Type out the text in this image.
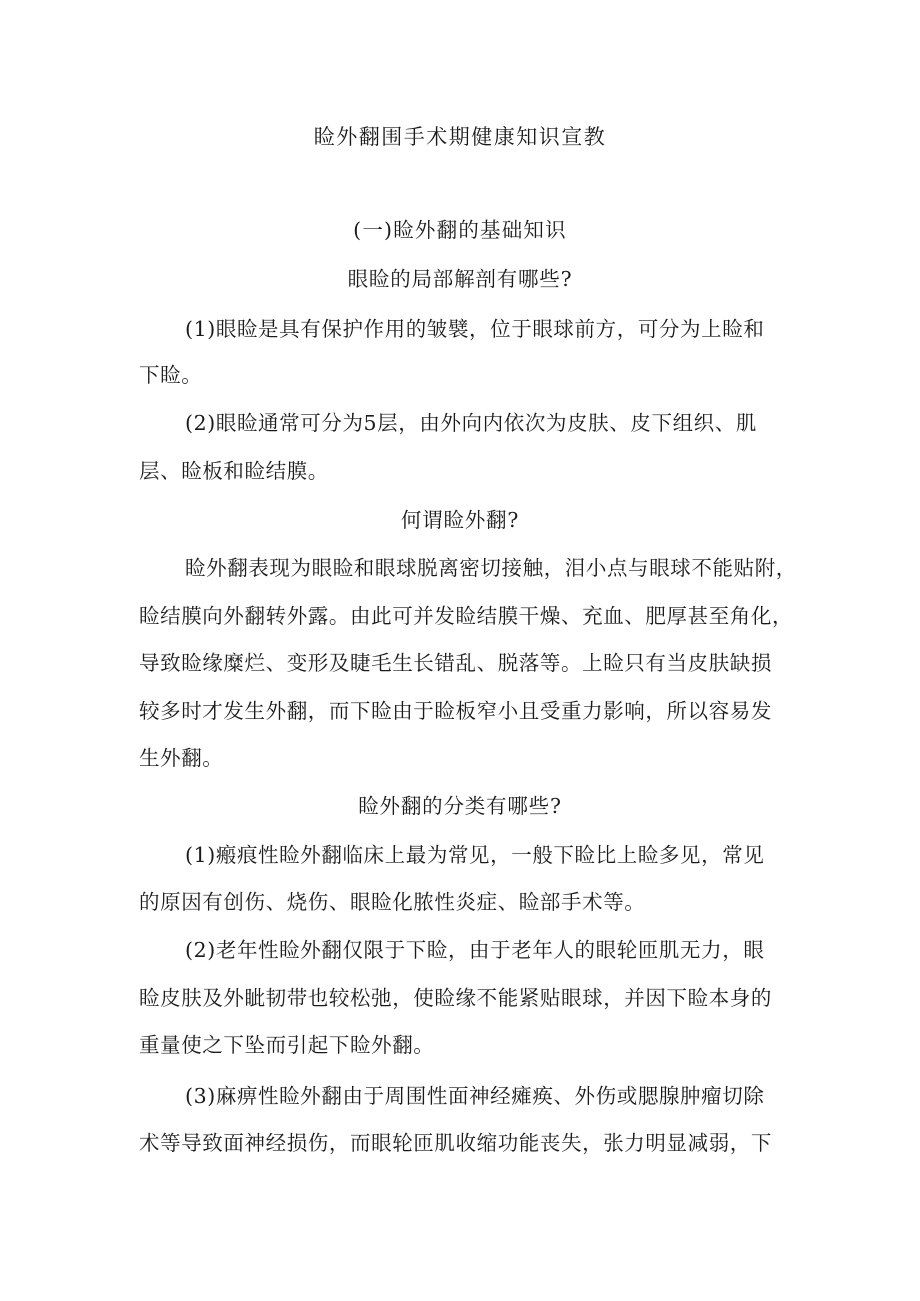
睑外翻围手术期健康知识宣教
(一)睑外翻的基础知识
眼睑的局部解剖有哪些?
(1)眼睑是具有保护作用的皱襞，位于眼球前方，可分为上睑和
下睑。
(2)眼睑通常可分为5层，由外向内依次为皮肤、皮下组织、肌
层、睑板和睑结膜。
何谓睑外翻?
睑外翻表现为眼睑和眼球脱离密切接触，泪小点与眼球不能贴附，
睑结膜向外翻转外露。由此可并发睑结膜干燥、充血、肥厚甚至角化，
导致睑缘糜烂、变形及睫毛生长错乱、脱落等。上睑只有当皮肤缺损
较多时才发生外翻，而下睑由于睑板窄小且受重力影响，所以容易发
生外翻。
睑外翻的分类有哪些?
(1)瘢痕性睑外翻临床上最为常见，一般下睑比上睑多见，常见
的原因有创伤、烧伤、眼睑化脓性炎症、睑部手术等。
(2)老年性睑外翻仅限于下睑，由于老年人的眼轮匝肌无力，眼
睑皮肤及外眦韧带也较松弛，使睑缘不能紧贴眼球，并因下睑本身的
重量使之下坠而引起下睑外翻。
(3)麻痹性睑外翻由于周围性面神经瘫痪、外伤或腮腺肿瘤切除
术等导致面神经损伤，而眼轮匝肌收缩功能丧失，张力明显减弱，下
